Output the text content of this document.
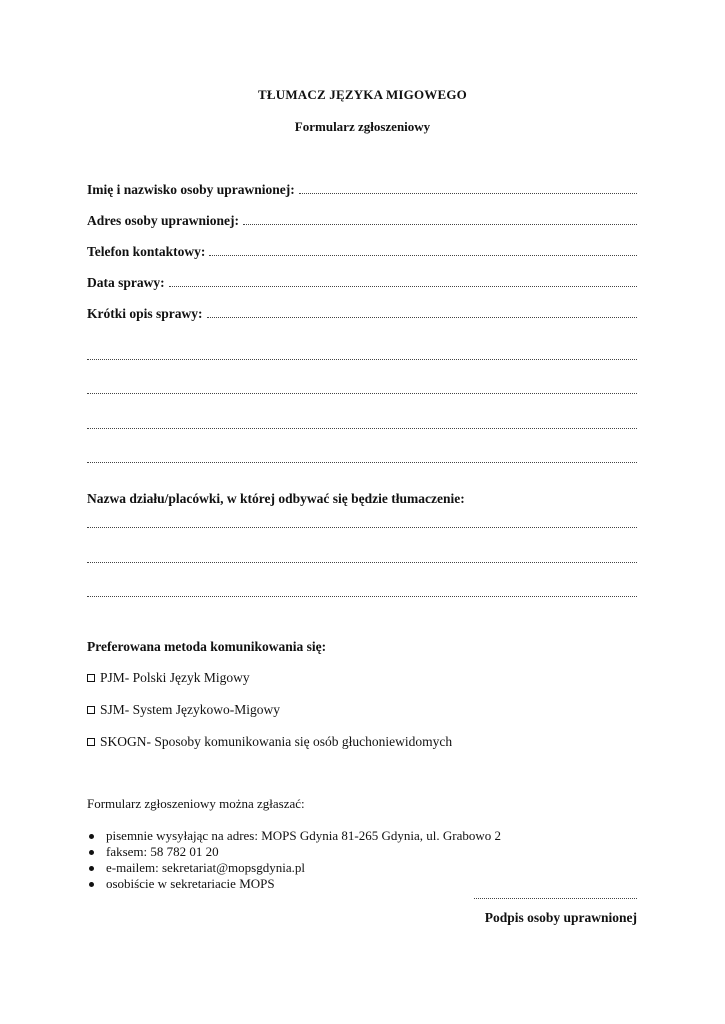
TŁUMACZ JĘZYKA MIGOWEGO
Formularz zgłoszeniowy
Imię i nazwisko osoby uprawnionej:
Adres osoby uprawnionej:
Telefon kontaktowy:
Data sprawy:
Krótki opis sprawy:
Nazwa działu/placówki, w której odbywać się będzie tłumaczenie:
Preferowana metoda komunikowania się:
PJM- Polski Język Migowy
SJM- System Językowo-Migowy
SKOGN- Sposoby komunikowania się osób głuchoniewidomych
Formularz zgłoszeniowy można zgłaszać:
pisemnie wysyłając na adres: MOPS Gdynia 81-265 Gdynia, ul. Grabowo 2
faksem: 58 782 01 20
e-mailem: sekretariat@mopsgdynia.pl
osobiście w sekretariacie MOPS
Podpis osoby uprawnionej
